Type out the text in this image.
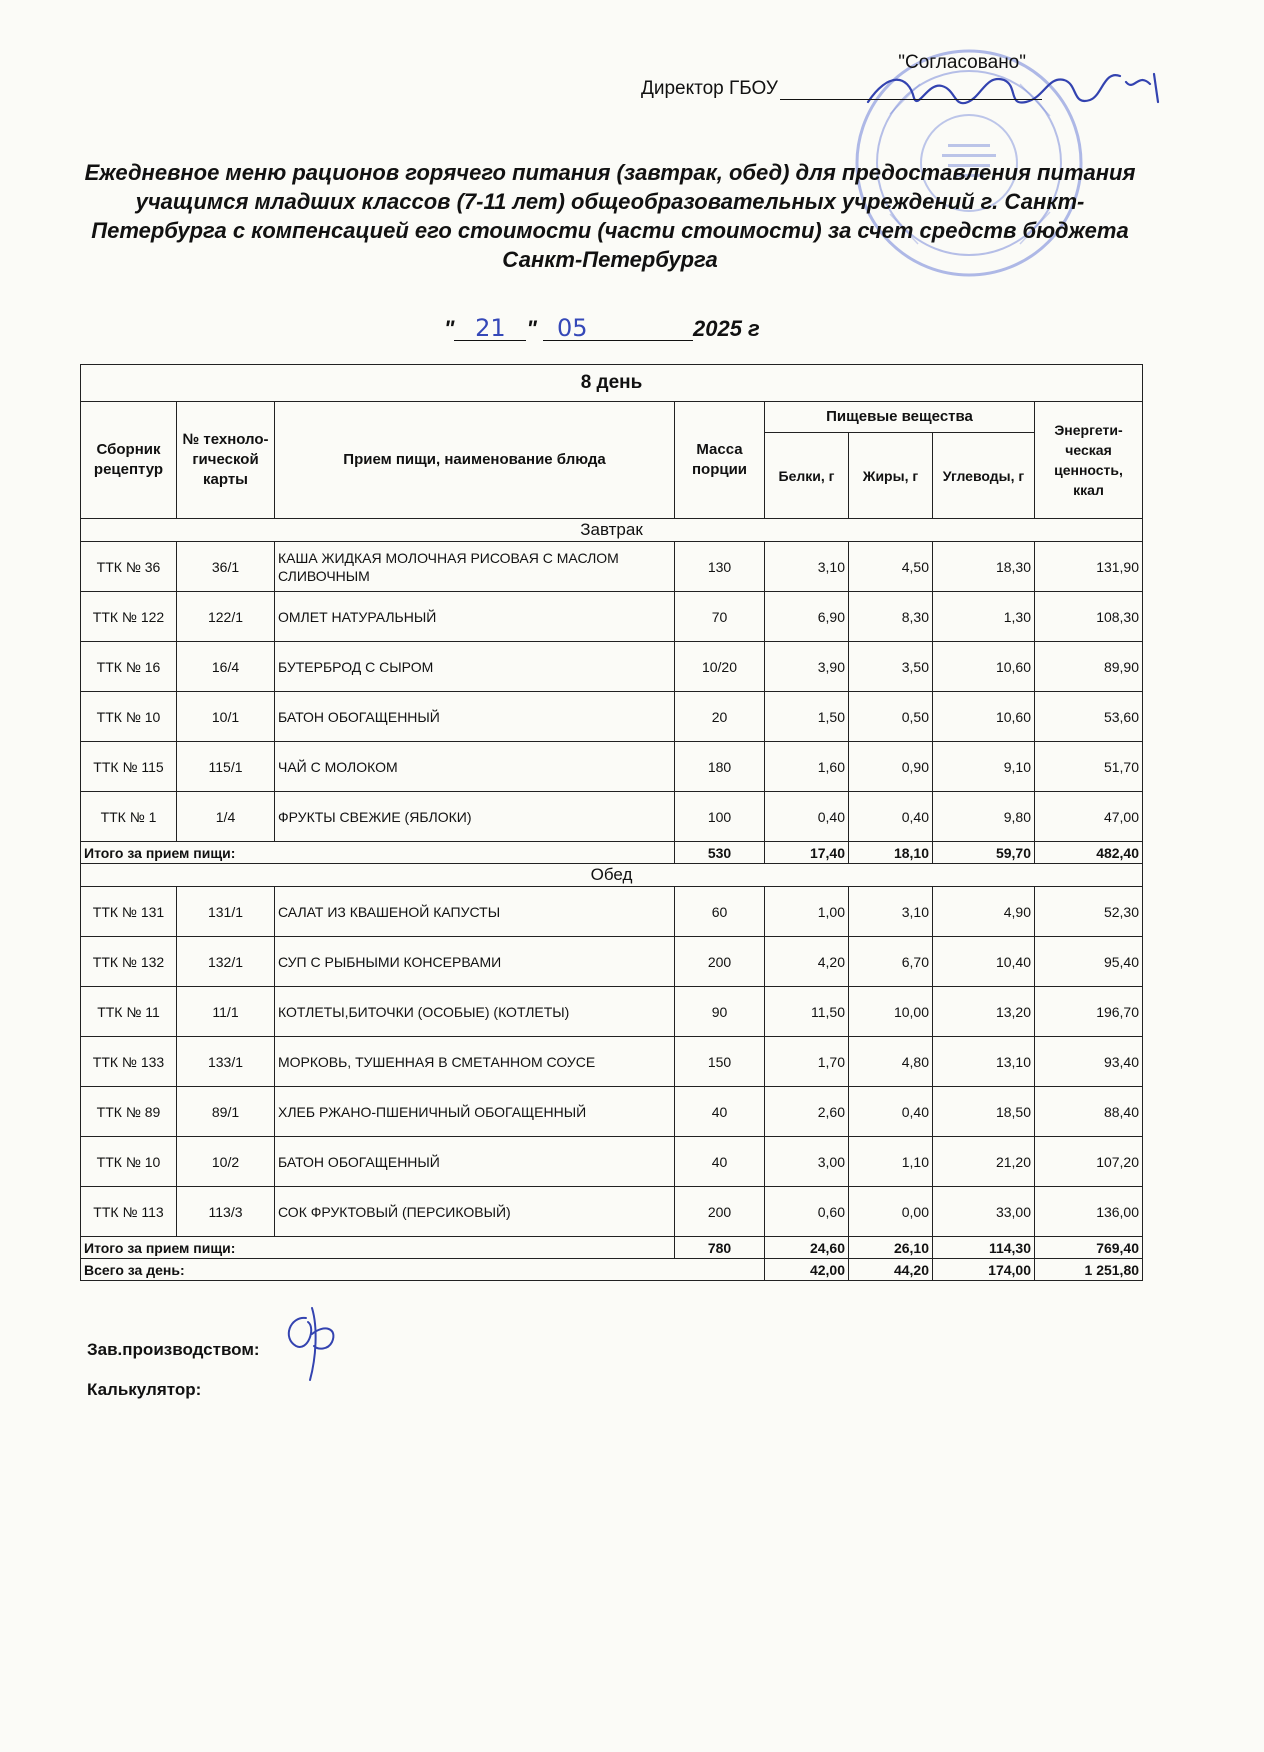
"Согласовано"
Директор ГБОУ
Ежедневное меню рационов горячего питания (завтрак, обед) для предоставления питания учащимся младших классов (7-11 лет) общеобразовательных учреждений г. Санкт-Петербурга с компенсацией его стоимости (части стоимости) за счет средств бюджета Санкт-Петербурга
" 21 " 05	2025 г
8 день							
Сборник рецептур	№ техноло-гической карты	Прием пищи, наименование блюда	Масса порции	Пищевые вещества			Энергети-ческая ценность, ккал
				Белки, г	Жиры, г	Углеводы, г	
Завтрак							
ТТК № 36	36/1	КАША ЖИДКАЯ МОЛОЧНАЯ РИСОВАЯ С МАСЛОМ СЛИВОЧНЫМ	130	3,10	4,50	18,30	131,90
ТТК № 122	122/1	ОМЛЕТ НАТУРАЛЬНЫЙ	70	6,90	8,30	1,30	108,30
ТТК № 16	16/4	БУТЕРБРОД С СЫРОМ	10/20	3,90	3,50	10,60	89,90
ТТК № 10	10/1	БАТОН ОБОГАЩЕННЫЙ	20	1,50	0,50	10,60	53,60
ТТК № 115	115/1	ЧАЙ С МОЛОКОМ	180	1,60	0,90	9,10	51,70
ТТК № 1	1/4	ФРУКТЫ СВЕЖИЕ (ЯБЛОКИ)	100	0,40	0,40	9,80	47,00
Итого за прием пищи:			530	17,40	18,10	59,70	482,40
Обед							
ТТК № 131	131/1	САЛАТ ИЗ КВАШЕНОЙ КАПУСТЫ	60	1,00	3,10	4,90	52,30
ТТК № 132	132/1	СУП С РЫБНЫМИ КОНСЕРВАМИ	200	4,20	6,70	10,40	95,40
ТТК № 11	11/1	КОТЛЕТЫ,БИТОЧКИ (ОСОБЫЕ) (КОТЛЕТЫ)	90	11,50	10,00	13,20	196,70
ТТК № 133	133/1	МОРКОВЬ, ТУШЕННАЯ В СМЕТАННОМ СОУСЕ	150	1,70	4,80	13,10	93,40
ТТК № 89	89/1	ХЛЕБ РЖАНО-ПШЕНИЧНЫЙ ОБОГАЩЕННЫЙ	40	2,60	0,40	18,50	88,40
ТТК № 10	10/2	БАТОН ОБОГАЩЕННЫЙ	40	3,00	1,10	21,20	107,20
ТТК № 113	113/3	СОК ФРУКТОВЫЙ (ПЕРСИКОВЫЙ)	200	0,60	0,00	33,00	136,00
Итого за прием пищи:			780	24,60	26,10	114,30	769,40
Всего за день:				42,00	44,20	174,00	1 251,80
Зав.производством:
Калькулятор:
